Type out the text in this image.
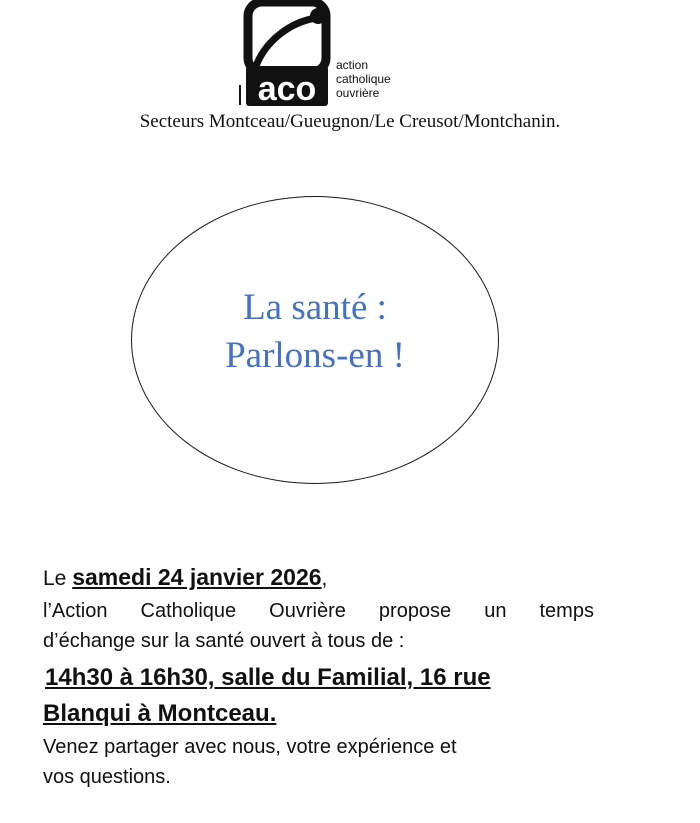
aco
action
catholique
ouvrière
Secteurs Montceau/Gueugnon/Le Creusot/Montchanin.
La santé :
Parlons-en !
Le samedi 24 janvier 2026,
l’Action Catholique Ouvrière propose un temps
d’échange sur la santé ouvert à tous de :
14h30 à 16h30, salle du Familial, 16 rue
Blanqui à Montceau.
Venez partager avec nous, votre expérience et
vos questions.
